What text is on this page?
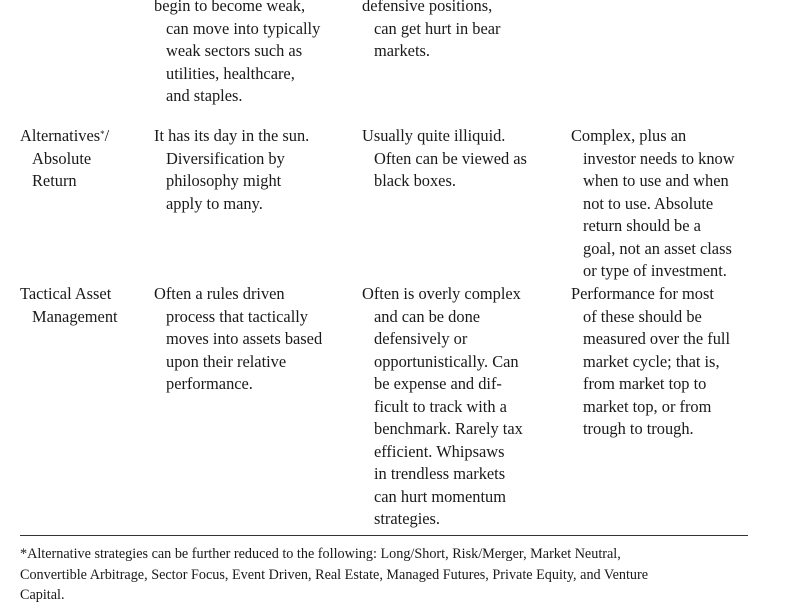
begin to become weak,
can move into typically
weak sectors such as
utilities, healthcare,
and staples.

defensive positions,
can get hurt in bear
markets.

Alternatives*/
Absolute
Return

It has its day in the sun.
Diversification by
philosophy might
apply to many.

Usually quite illiquid.
Often can be viewed as
black boxes.

Complex, plus an
investor needs to know
when to use and when
not to use. Absolute
return should be a
goal, not an asset class
or type of investment.

Tactical Asset
Management

Often a rules driven
process that tactically
moves into assets based
upon their relative
performance.

Often is overly complex
and can be done
defensively or
opportunistically. Can
be expense and dif-
ficult to track with a
benchmark. Rarely tax
efficient. Whipsaws
in trendless markets
can hurt momentum
strategies.

Performance for most
of these should be
measured over the full
market cycle; that is,
from market top to
market top, or from
trough to trough.

*Alternative strategies can be further reduced to the following: Long/Short, Risk/Merger, Market Neutral,
Convertible Arbitrage, Sector Focus, Event Driven, Real Estate, Managed Futures, Private Equity, and Venture
Capital.
